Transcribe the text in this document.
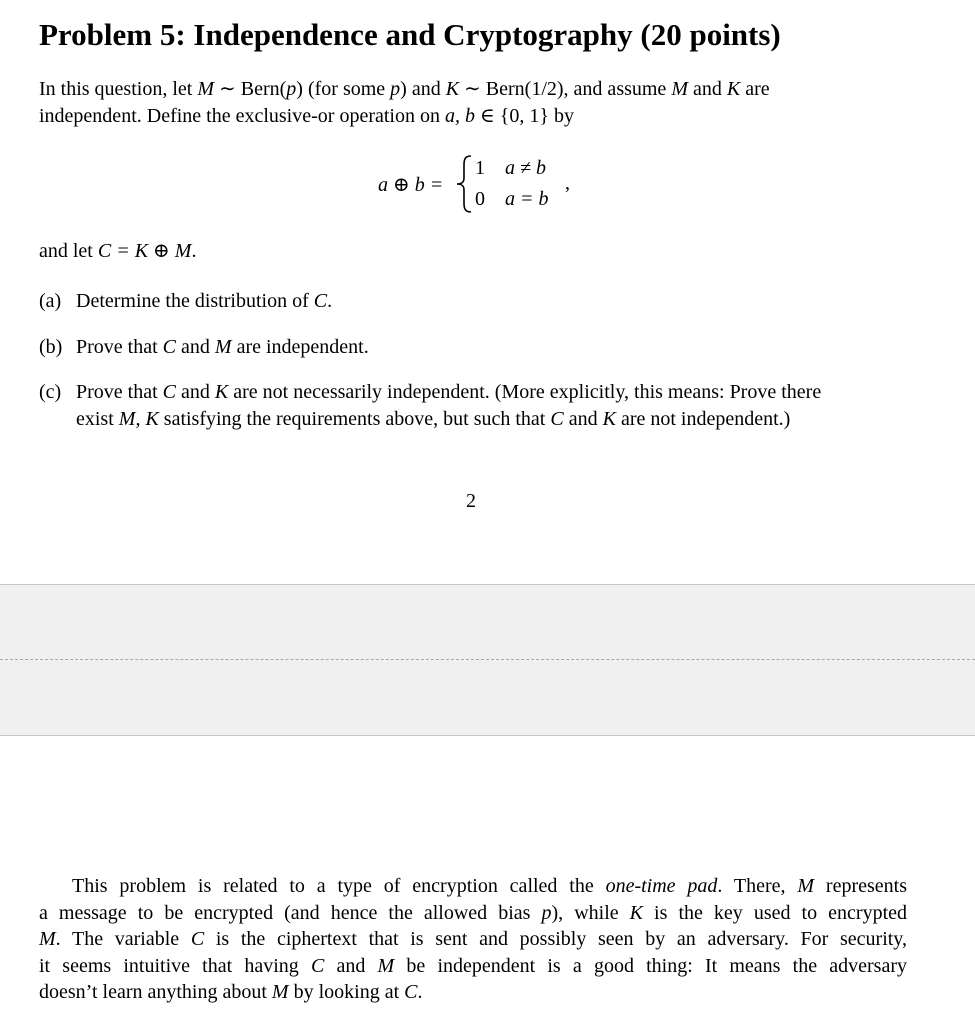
Problem 5: Independence and Cryptography (20 points)
In this question, let M ∼ Bern(p) (for some p) and K ∼ Bern(1/2), and assume M and K are
independent. Define the exclusive-or operation on a, b ∈ {0, 1} by
a ⊕ b =
1 a ≠ b
0 a = b
,
and let C = K ⊕ M.
(a) Determine the distribution of C.
(b) Prove that C and M are independent.
(c) Prove that C and K are not necessarily independent. (More explicitly, this means: Prove there
exist M, K satisfying the requirements above, but such that C and K are not independent.)
2
This problem is related to a type of encryption called the one-time pad. There, M represents
a message to be encrypted (and hence the allowed bias p), while K is the key used to encrypted
M. The variable C is the ciphertext that is sent and possibly seen by an adversary. For security,
it seems intuitive that having C and M be independent is a good thing: It means the adversary
doesn’t learn anything about M by looking at C.
